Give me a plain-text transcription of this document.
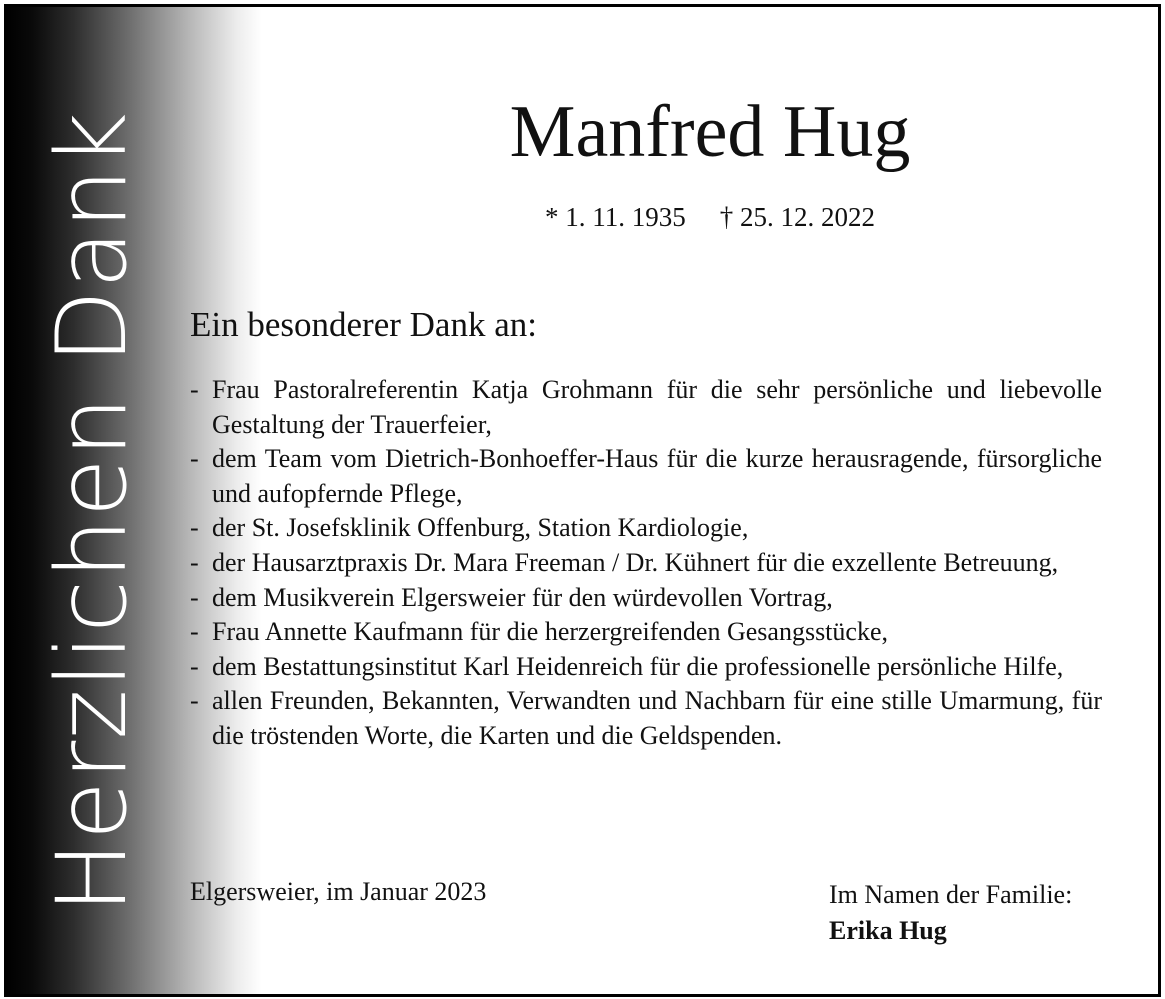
Herzlichen Dank	Manfred Hug
* 1. 11. 1935 † 25. 12. 2022
Ein besonderer Dank an:
- Frau Pastoralreferentin Katja Grohmann für die sehr persönliche und liebevolle Gestaltung der Trauerfeier,
- dem Team vom Dietrich-Bonhoeffer-Haus für die kurze herausragende, fürsorgliche und aufopfernde Pflege,
- der St. Josefsklinik Offenburg, Station Kardiologie,
- der Hausarztpraxis Dr. Mara Freeman / Dr. Kühnert für die exzellente Betreuung,
- dem Musikverein Elgersweier für den würdevollen Vortrag,
- Frau Annette Kaufmann für die herzergreifenden Gesangsstücke,
- dem Bestattungsinstitut Karl Heidenreich für die professionelle persönliche Hilfe,
- allen Freunden, Bekannten, Verwandten und Nachbarn für eine stille Umarmung, für die tröstenden Worte, die Karten und die Geldspenden.
Elgersweier, im Januar 2023	Im Namen der Familie:
Erika Hug
